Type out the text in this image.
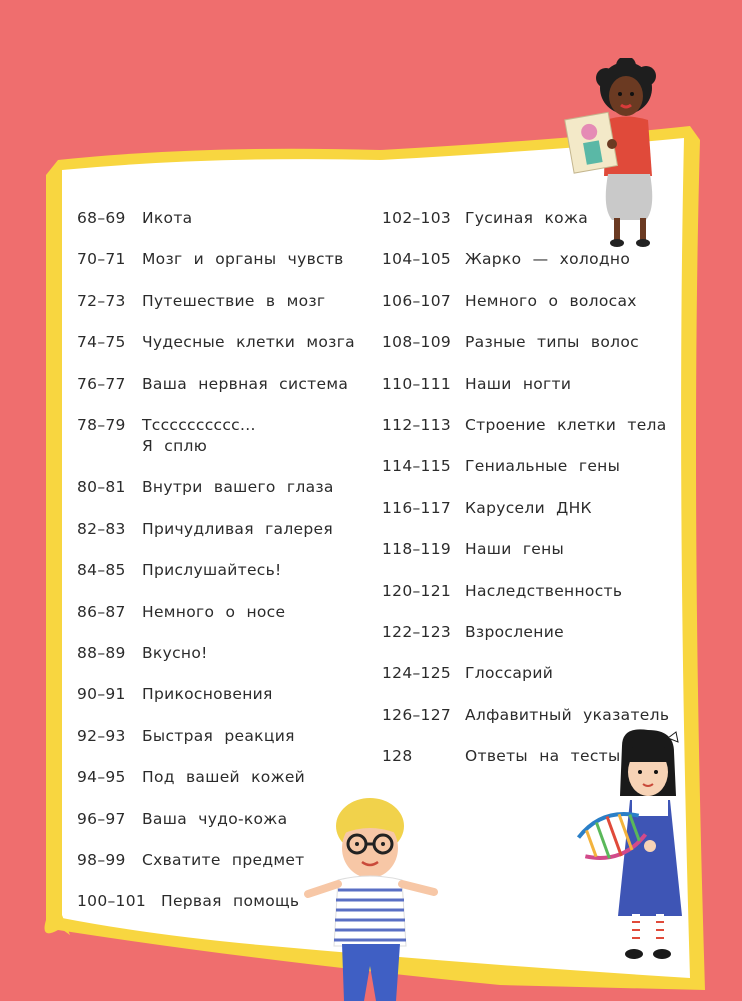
68–69 Икота
70–71 Мозг и органы чувств
72–73 Путешествие в мозг
74–75 Чудесные клетки мозга
76–77 Ваша нервная система
78–79 Тсссссссссс...
Я сплю
80–81 Внутри вашего глаза
82–83 Причудливая галерея
84–85 Прислушайтесь!
86–87 Немного о носе
88–89 Вкусно!
90–91 Прикосновения
92–93 Быстрая реакция
94–95 Под вашей кожей
96–97 Ваша чудо-кожа
98–99 Схватите предмет
100–101 Первая помощь
102–103 Гусиная кожа
104–105 Жарко — холодно
106–107 Немного о волосах
108–109 Разные типы волос
110–111 Наши ногти
112–113 Строение клетки тела
114–115 Гениальные гены
116–117 Карусели ДНК
118–119 Наши гены
120–121 Наследственность
122–123 Взросление
124–125 Глоссарий
126–127 Алфавитный указатель
128	Ответы на тесты
